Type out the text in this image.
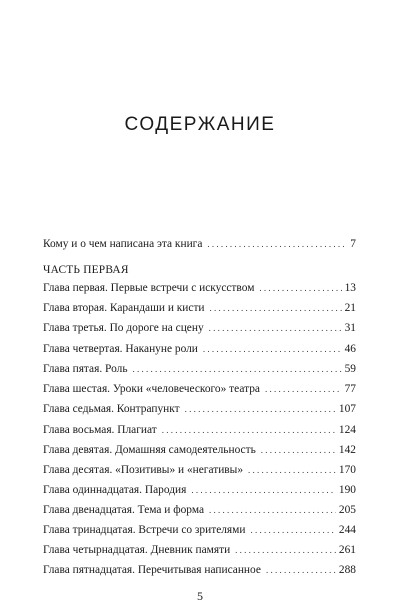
СОДЕРЖАНИЕ
Кому и о чем написана эта книга . . .	7
ЧАСТЬ ПЕРВАЯ
Глава первая. Первые встречи с искусством . . .	13
Глава вторая. Карандаши и кисти . . .	21
Глава третья. По дороге на сцену . . .	31
Глава четвертая. Накануне роли . . .	46
Глава пятая. Роль . . .	59
Глава шестая. Уроки «человеческого» театра . . .	77
Глава седьмая. Контрапункт . . .	107
Глава восьмая. Плагиат . . .	124
Глава девятая. Домашняя самодеятельность . . .	142
Глава десятая. «Позитивы» и «негативы» . . .	170
Глава одиннадцатая. Пародия . . .	190
Глава двенадцатая. Тема и форма . . .	205
Глава тринадцатая. Встречи со зрителями . . .	244
Глава четырнадцатая. Дневник памяти . . .	261
Глава пятнадцатая. Перечитывая написанное . . .	288
5
